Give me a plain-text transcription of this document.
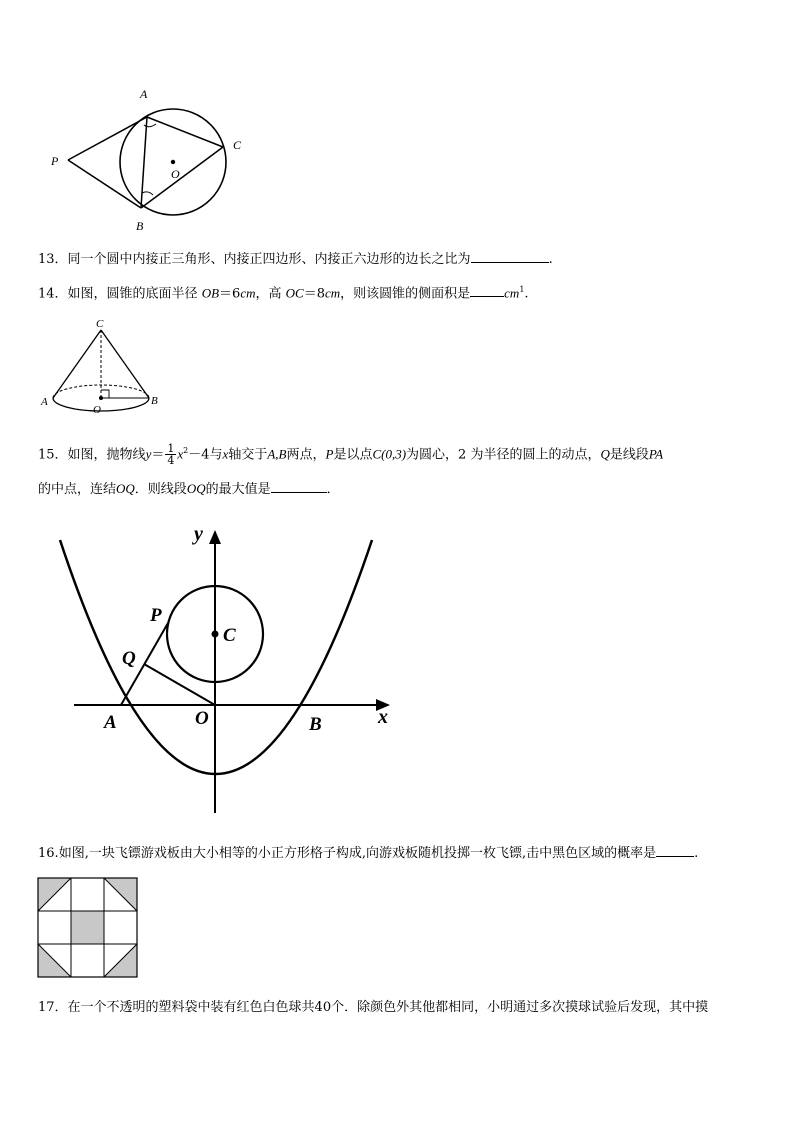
A
B
C
O
P
13．同一个圆中内接正三角形、内接正四边形、内接正六边形的边长之比为	.
14．如图，圆锥的底面半径 OB＝6cm，高 OC＝8cm，则该圆锥的侧面积是	$cm^1$.
C
A	B
O
15．如图，抛物线$y= \frac{1}{4} x^2-4$与x轴交于A,B两点，P是以点C(0,3)为圆心，2 为半径的圆上的动点，Q是线段PA
的中点，连结OQ．则线段OQ的最大值是	．
y
x
P
Q
C
A	O	B
16.如图,一块飞镖游戏板由大小相等的小正方形格子构成,向游戏板随机投掷一枚飞镖,击中黑色区域的概率是	.
17．在一个不透明的塑料袋中装有红色白色球共40个．除颜色外其他都相同，小明通过多次摸球试验后发现，其中摸
